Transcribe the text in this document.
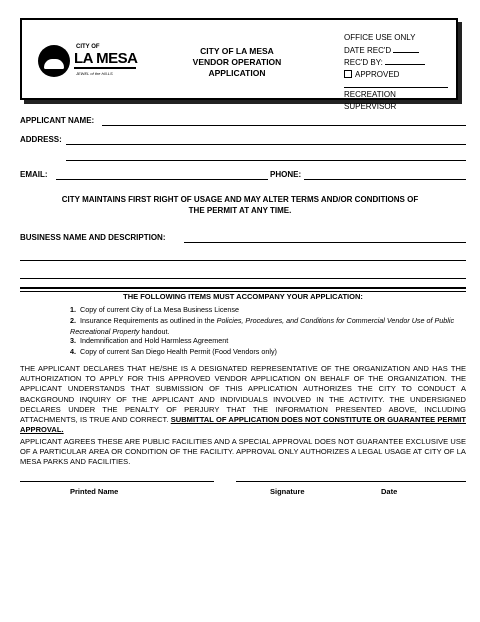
CITY OF
LA MESA
JEWEL of the HILLS
CITY OF LA MESA
VENDOR OPERATION
APPLICATION
OFFICE USE ONLY
DATE REC'D
REC'D BY:
APPROVED
RECREATION SUPERVISOR
APPLICANT NAME:
ADDRESS:
EMAIL:	PHONE:
CITY MAINTAINS FIRST RIGHT OF USAGE AND MAY ALTER TERMS AND/OR CONDITIONS OF THE PERMIT AT ANY TIME.
BUSINESS NAME AND DESCRIPTION:
THE FOLLOWING ITEMS MUST ACCOMPANY YOUR APPLICATION:
1. Copy of current City of La Mesa Business License
2. Insurance Requirements as outlined in the Policies, Procedures, and Conditions for Commercial Vendor Use of Public Recreational Property handout.
3. Indemnification and Hold Harmless Agreement
4. Copy of current San Diego Health Permit (Food Vendors only)
THE APPLICANT DECLARES THAT HE/SHE IS A DESIGNATED REPRESENTATIVE OF THE ORGANIZATION AND HAS THE AUTHORIZATION TO APPLY FOR THIS APPROVED VENDOR APPLICATION ON BEHALF OF THE ORGANIZATION. THE APPLICANT UNDERSTANDS THAT SUBMISSION OF THIS APPLICATION AUTHORIZES THE CITY TO CONDUCT A BACKGROUND INQUIRY OF THE APPLICANT AND INDIVIDUALS INVOLVED IN THE ACTIVITY. THE UNDERSIGNED DECLARES UNDER THE PENALTY OF PERJURY THAT THE INFORMATION PRESENTED ABOVE, INCLUDING ATTACHMENTS, IS TRUE AND CORRECT. SUBMITTAL OF APPLICATION DOES NOT CONSTITUTE OR GUARANTEE PERMIT APPROVAL.
APPLICANT AGREES THESE ARE PUBLIC FACILITIES AND A SPECIAL APPROVAL DOES NOT GUARANTEE EXCLUSIVE USE OF A PARTICULAR AREA OR CONDITION OF THE FACILITY. APPROVAL ONLY AUTHORIZES A LEGAL USAGE AT CITY OF LA MESA PARKS AND FACILITIES.
Printed Name	Signature	Date
